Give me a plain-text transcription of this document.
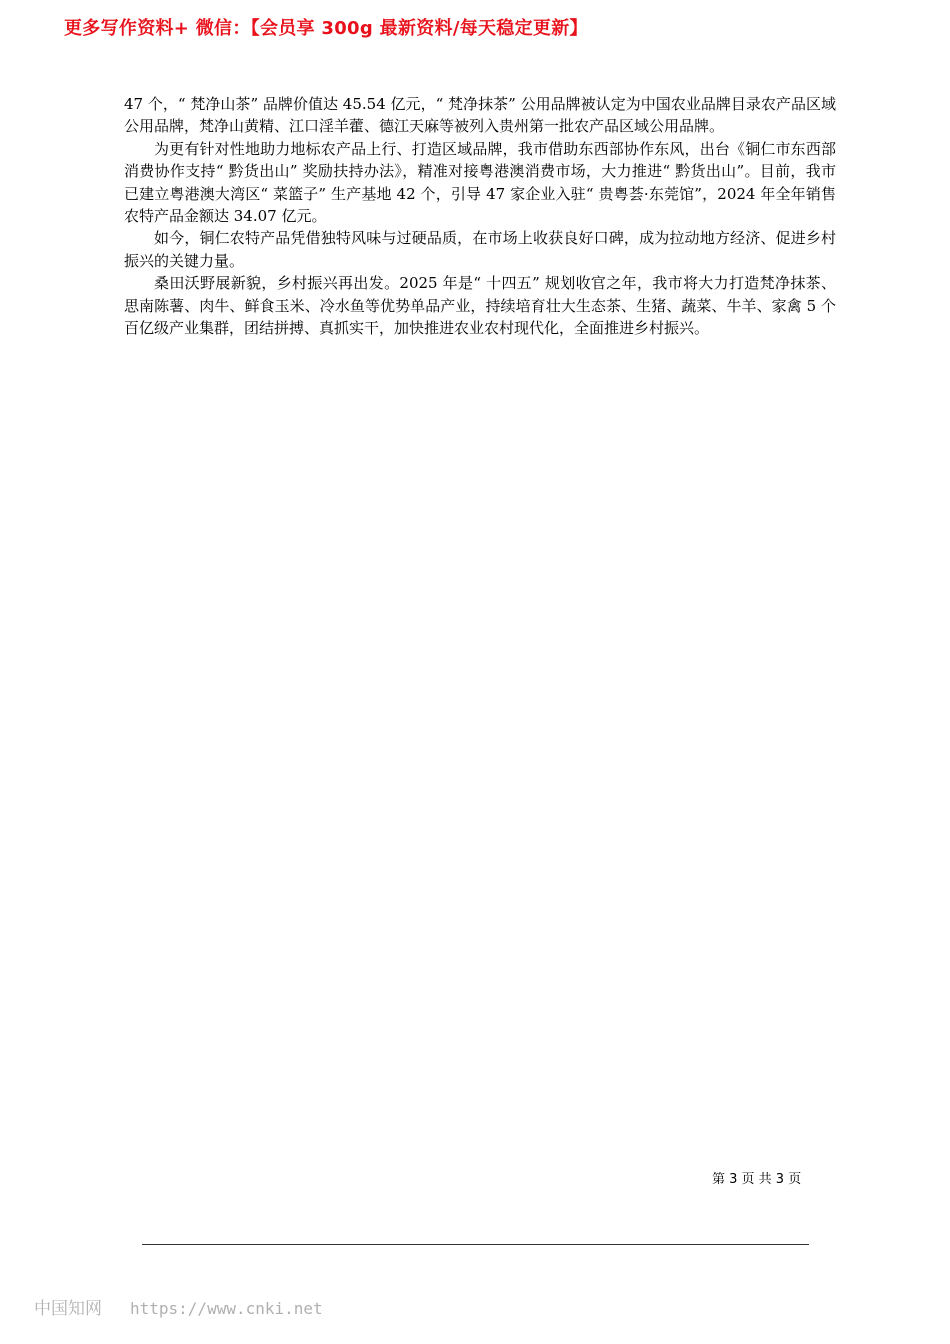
更多写作资料+ 微信：【会员享 300g 最新资料/每天稳定更新】

47 个，“ 梵净山茶” 品牌价值达 45.54 亿元，“ 梵净抹茶” 公用品牌被认定为中国农业品牌目录农产品区域公用品牌，梵净山黄精、江口淫羊藿、德江天麻等被列入贵州第一批农产品区域公用品牌。

为更有针对性地助力地标农产品上行、打造区域品牌，我市借助东西部协作东风，出台《铜仁市东西部消费协作支持“ 黔货出山” 奖励扶持办法》，精准对接粤港澳消费市场，大力推进“ 黔货出山”。目前，我市已建立粤港澳大湾区“ 菜篮子” 生产基地 42 个，引导 47 家企业入驻“ 贵粤荟·东莞馆”，2024 年全年销售农特产品金额达 34.07 亿元。

如今，铜仁农特产品凭借独特风味与过硬品质，在市场上收获良好口碑，成为拉动地方经济、促进乡村振兴的关键力量。

桑田沃野展新貌，乡村振兴再出发。2025 年是“ 十四五” 规划收官之年，我市将大力打造梵净抹茶、思南陈薯、肉牛、鲜食玉米、冷水鱼等优势单品产业，持续培育壮大生态茶、生猪、蔬菜、牛羊、家禽 5 个百亿级产业集群，团结拼搏、真抓实干，加快推进农业农村现代化，全面推进乡村振兴。

第 3 页 共 3 页
中国知网 https://www.cnki.net
